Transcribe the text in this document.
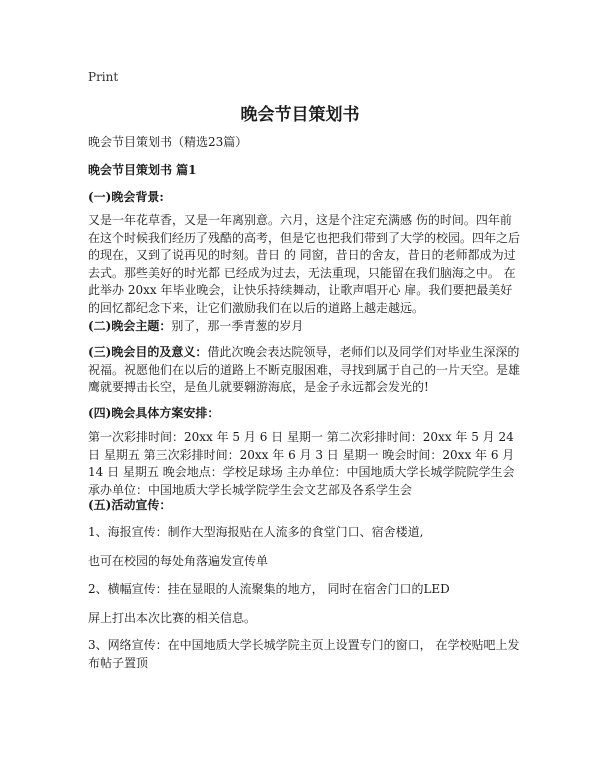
Print
晚会节目策划书
晚会节目策划书（精选23篇）
晚会节目策划书 篇1
(一)晚会背景:
又是一年花草香，又是一年离别意。六月，这是个注定充满感 伤的时间。四年前在这个时候我们经历了残酷的高考，但是它也把我们带到了大学的校园。四年之后的现在，又到了说再见的时刻。昔日 的 同窗，昔日的舍友，昔日的老师都成为过去式。那些美好的时光都 已经成为过去，无法重现，只能留在我们脑海之中。 在此举办 20xx 年毕业晚会，让快乐持续舞动，让歌声唱开心 扉。我们要把最美好的回忆都纪念下来，让它们激励我们在以后的道路上越走越远。
(二)晚会主题：别了，那一季青葱的岁月
(三)晚会目的及意义：借此次晚会表达院领导，老师们以及同学们对毕业生深深的祝福。祝愿他们在以后的道路上不断克服困难，寻找到属于自己的一片天空。是雄鹰就要搏击长空，是鱼儿就要翱游海底，是金子永远都会发光的!
(四)晚会具体方案安排：
第一次彩排时间：20xx 年 5 月 6 日 星期一 第二次彩排时间：20xx 年 5 月 24 日 星期五 第三次彩排时间：20xx 年 6 月 3 日 星期一 晚会时间：20xx 年 6 月 14 日 星期五 晚会地点：学校足球场 主办单位：中国地质大学长城学院院学生会承办单位：中国地质大学长城学院学生会文艺部及各系学生会
(五)活动宣传：
1、海报宣传：制作大型海报贴在人流多的食堂门口、宿舍楼道,
也可在校园的每处角落遍发宣传单
2、横幅宣传：挂在显眼的人流聚集的地方， 同时在宿舍门口的LED
屏上打出本次比赛的相关信息。
3、网络宣传：在中国地质大学长城学院主页上设置专门的窗口， 在学校贴吧上发布帖子置顶
